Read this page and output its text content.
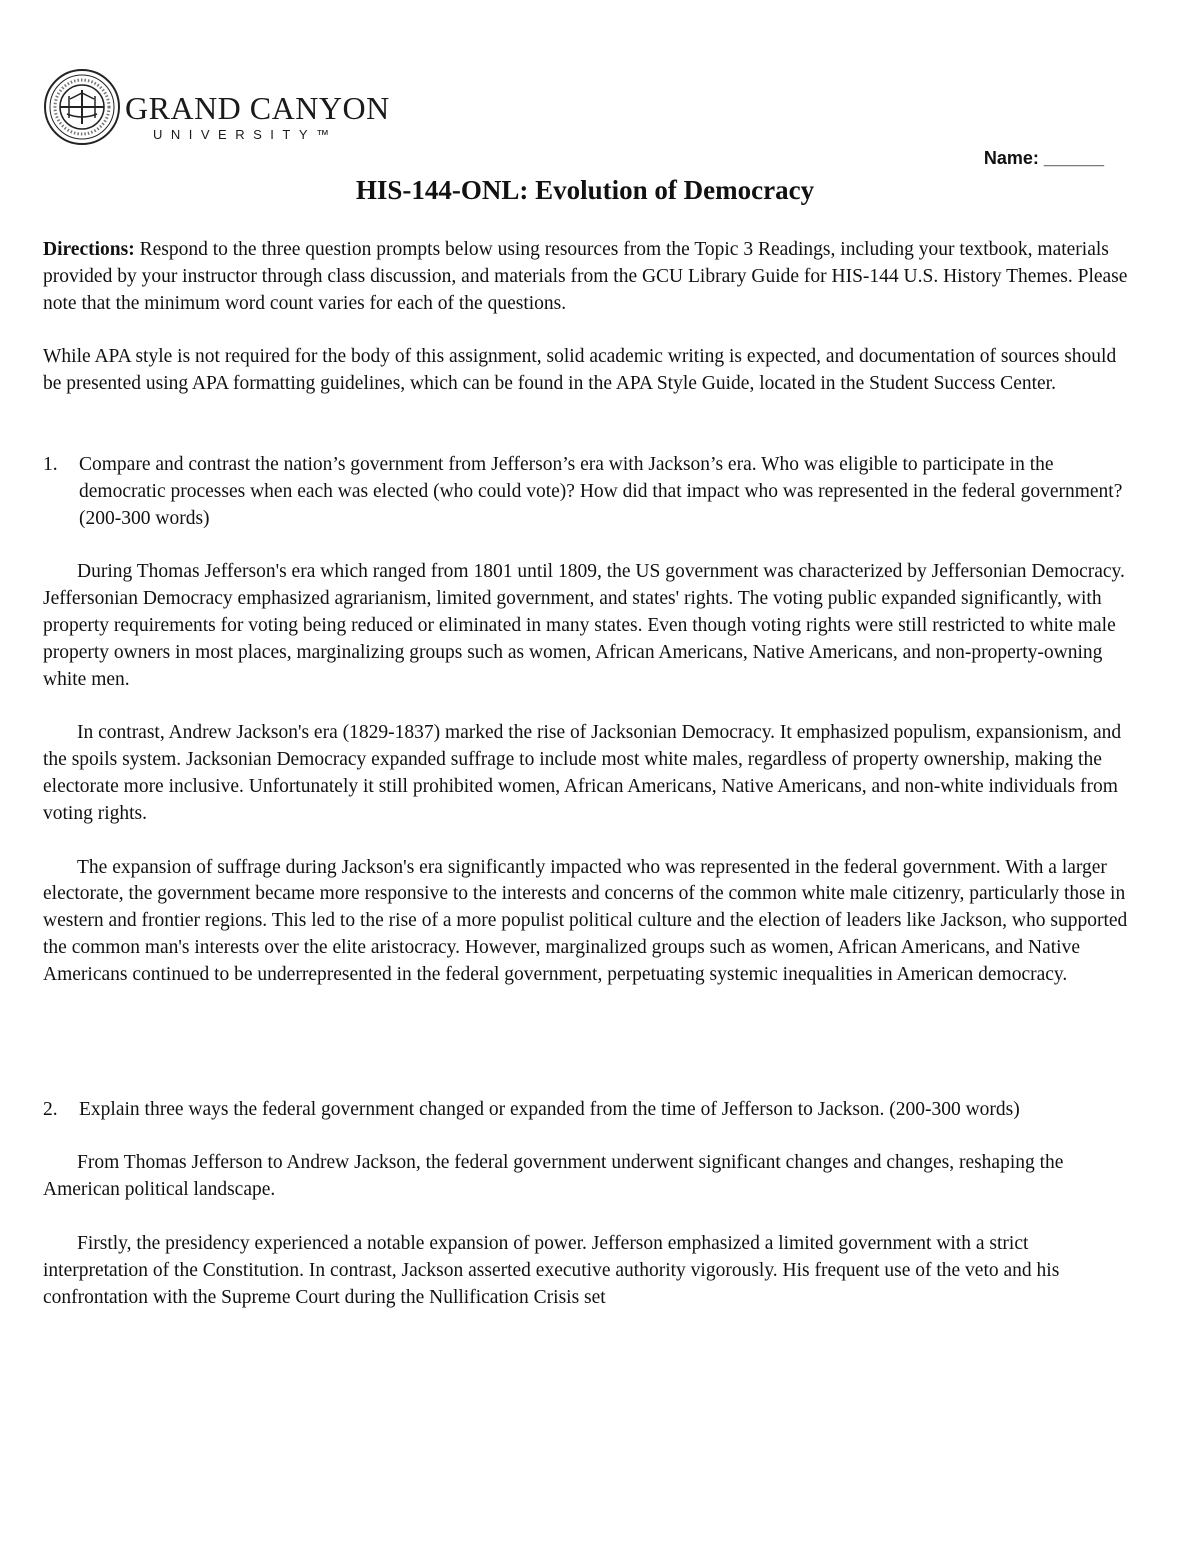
GRAND CANYON
UNIVERSITY™
Name: ______
HIS-144-ONL: Evolution of Democracy

Directions: Respond to the three question prompts below using resources from the Topic 3 Readings, including your textbook, materials provided by your instructor through class discussion, and materials from the GCU Library Guide for HIS-144 U.S. History Themes. Please note that the minimum word count varies for each of the questions.

While APA style is not required for the body of this assignment, solid academic writing is expected, and documentation of sources should be presented using APA formatting guidelines, which can be found in the APA Style Guide, located in the Student Success Center.

1.	Compare and contrast the nation’s government from Jefferson’s era with Jackson’s era. Who was eligible to participate in the democratic processes when each was elected (who could vote)? How did that impact who was represented in the federal government? (200-300 words)

During Thomas Jefferson's era which ranged from 1801 until 1809, the US government was characterized by Jeffersonian Democracy. Jeffersonian Democracy emphasized agrarianism, limited government, and states' rights. The voting public expanded significantly, with property requirements for voting being reduced or eliminated in many states. Even though voting rights were still restricted to white male property owners in most places, marginalizing groups such as women, African Americans, Native Americans, and non-property-owning white men.

In contrast, Andrew Jackson's era (1829-1837) marked the rise of Jacksonian Democracy. It emphasized populism, expansionism, and the spoils system. Jacksonian Democracy expanded suffrage to include most white males, regardless of property ownership, making the electorate more inclusive. Unfortunately it still prohibited women, African Americans, Native Americans, and non-white individuals from voting rights.

The expansion of suffrage during Jackson's era significantly impacted who was represented in the federal government. With a larger electorate, the government became more responsive to the interests and concerns of the common white male citizenry, particularly those in western and frontier regions. This led to the rise of a more populist political culture and the election of leaders like Jackson, who supported the common man's interests over the elite aristocracy. However, marginalized groups such as women, African Americans, and Native Americans continued to be underrepresented in the federal government, perpetuating systemic inequalities in American democracy.

2.	Explain three ways the federal government changed or expanded from the time of Jefferson to Jackson. (200-300 words)

From Thomas Jefferson to Andrew Jackson, the federal government underwent significant changes and changes, reshaping the American political landscape.

Firstly, the presidency experienced a notable expansion of power. Jefferson emphasized a limited government with a strict interpretation of the Constitution. In contrast, Jackson asserted executive authority vigorously. His frequent use of the veto and his confrontation with the Supreme Court during the Nullification Crisis set
